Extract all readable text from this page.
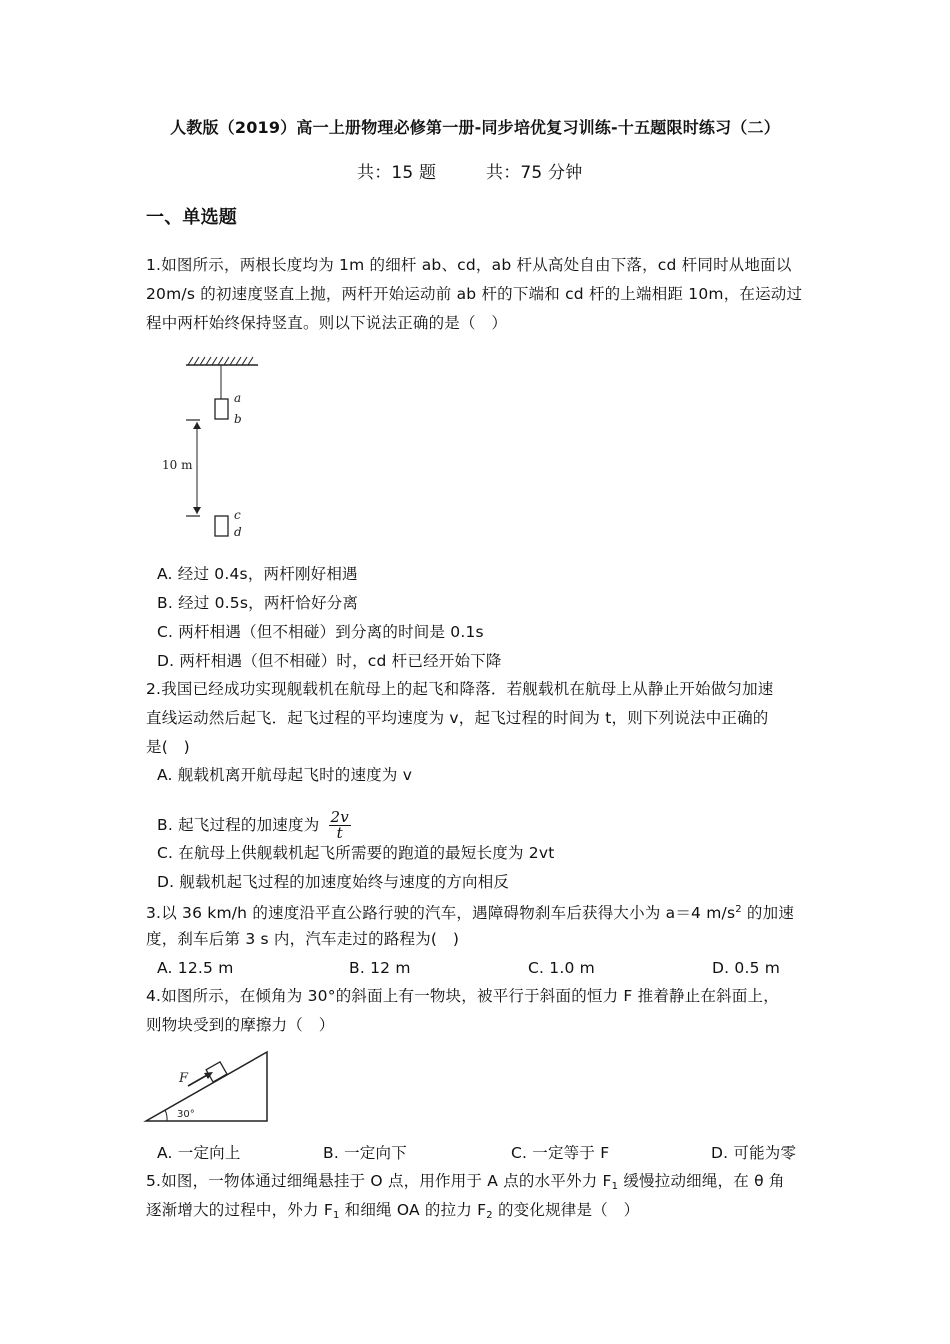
人教版（2019）高一上册物理必修第一册-同步培优复习训练-十五题限时练习（二）
共：15 题	共：75 分钟
一、单选题
1.如图所示，两根长度均为 1m 的细杆 ab、cd，ab 杆从高处自由下落，cd 杆同时从地面以
20m/s 的初速度竖直上抛，两杆开始运动前 ab 杆的下端和 cd 杆的上端相距 10m，在运动过
程中两杆始终保持竖直。则以下说法正确的是（　）
10 m
a
b
c
d
A. 经过 0.4s，两杆刚好相遇
B. 经过 0.5s，两杆恰好分离
C. 两杆相遇（但不相碰）到分离的时间是 0.1s
D. 两杆相遇（但不相碰）时，cd 杆已经开始下降
2.我国已经成功实现舰载机在航母上的起飞和降落．若舰载机在航母上从静止开始做匀加速
直线运动然后起飞．起飞过程的平均速度为 v，起飞过程的时间为 t，则下列说法中正确的
是(　)
A. 舰载机离开航母起飞时的速度为 v
B. 起飞过程的加速度为 $\frac{2v}{t}$
C. 在航母上供舰载机起飞所需要的跑道的最短长度为 2vt
D. 舰载机起飞过程的加速度始终与速度的方向相反
3.以 36 km/h 的速度沿平直公路行驶的汽车，遇障碍物刹车后获得大小为 a＝4 $m/s^2$ 的加速
度，刹车后第 3 s 内，汽车走过的路程为(　)
A. 12.5 m	B. 12 m	C. 1.0 m	D. 0.5 m
4.如图所示，在倾角为 30°的斜面上有一物块，被平行于斜面的恒力 F 推着静止在斜面上，
则物块受到的摩擦力（　）
F
30°
A. 一定向上	B. 一定向下	C. 一定等于 F	D. 可能为零
5.如图，一物体通过细绳悬挂于 O 点，用作用于 A 点的水平外力 $F_1$ 缓慢拉动细绳，在 θ 角
逐渐增大的过程中，外力 $F_1$ 和细绳 OA 的拉力 $F_2$ 的变化规律是（　）
